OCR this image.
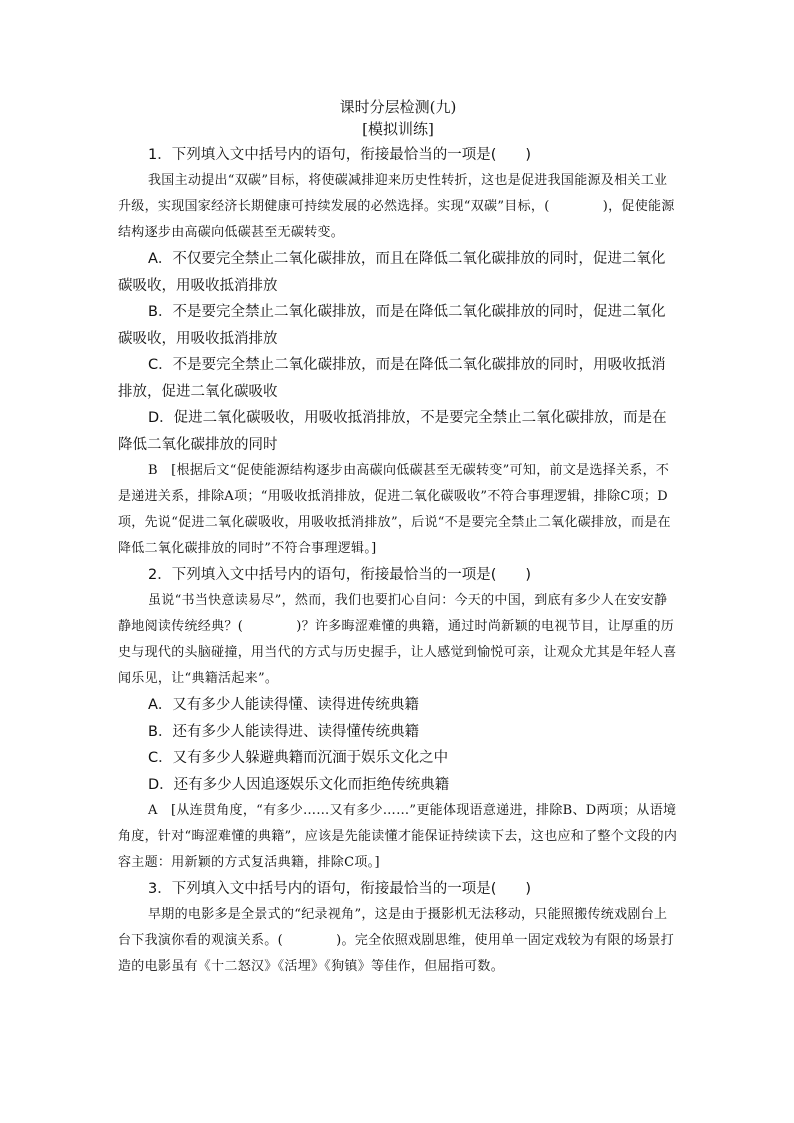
课时分层检测(九)

[模拟训练]

1．下列填入文中括号内的语句，衔接最恰当的一项是(　　)

我国主动提出“双碳”目标，将使碳减排迎来历史性转折，这也是促进我国能源及相关工业升级，实现国家经济长期健康可持续发展的必然选择。实现“双碳”目标，(　　　　)，促使能源结构逐步由高碳向低碳甚至无碳转变。

A．不仅要完全禁止二氧化碳排放，而且在降低二氧化碳排放的同时，促进二氧化碳吸收，用吸收抵消排放

B．不是要完全禁止二氧化碳排放，而是在降低二氧化碳排放的同时，促进二氧化碳吸收，用吸收抵消排放

C．不是要完全禁止二氧化碳排放，而是在降低二氧化碳排放的同时，用吸收抵消排放，促进二氧化碳吸收

D．促进二氧化碳吸收，用吸收抵消排放，不是要完全禁止二氧化碳排放，而是在降低二氧化碳排放的同时

B　[根据后文“促使能源结构逐步由高碳向低碳甚至无碳转变”可知，前文是选择关系，不是递进关系，排除A项；“用吸收抵消排放，促进二氧化碳吸收”不符合事理逻辑，排除C项；D项，先说“促进二氧化碳吸收，用吸收抵消排放”，后说“不是要完全禁止二氧化碳排放，而是在降低二氧化碳排放的同时”不符合事理逻辑。]

2．下列填入文中括号内的语句，衔接最恰当的一项是(　　)

虽说“书当快意读易尽”，然而，我们也要扪心自问：今天的中国，到底有多少人在安安静静地阅读传统经典？(　　　　)？许多晦涩难懂的典籍，通过时尚新颖的电视节目，让厚重的历史与现代的头脑碰撞，用当代的方式与历史握手，让人感觉到愉悦可亲，让观众尤其是年轻人喜闻乐见，让“典籍活起来”。

A．又有多少人能读得懂、读得进传统典籍

B．还有多少人能读得进、读得懂传统典籍

C．又有多少人躲避典籍而沉湎于娱乐文化之中

D．还有多少人因追逐娱乐文化而拒绝传统典籍

A　[从连贯角度，“有多少……又有多少……”更能体现语意递进，排除B、D两项；从语境角度，针对“晦涩难懂的典籍”，应该是先能读懂才能保证持续读下去，这也应和了整个文段的内容主题：用新颖的方式复活典籍，排除C项。]

3．下列填入文中括号内的语句，衔接最恰当的一项是(　　)

早期的电影多是全景式的“纪录视角”，这是由于摄影机无法移动，只能照搬传统戏剧台上台下我演你看的观演关系。(　　　　)。完全依照戏剧思维，使用单一固定戏较为有限的场景打造的电影虽有《十二怒汉》《活埋》《狗镇》等佳作，但屈指可数。
